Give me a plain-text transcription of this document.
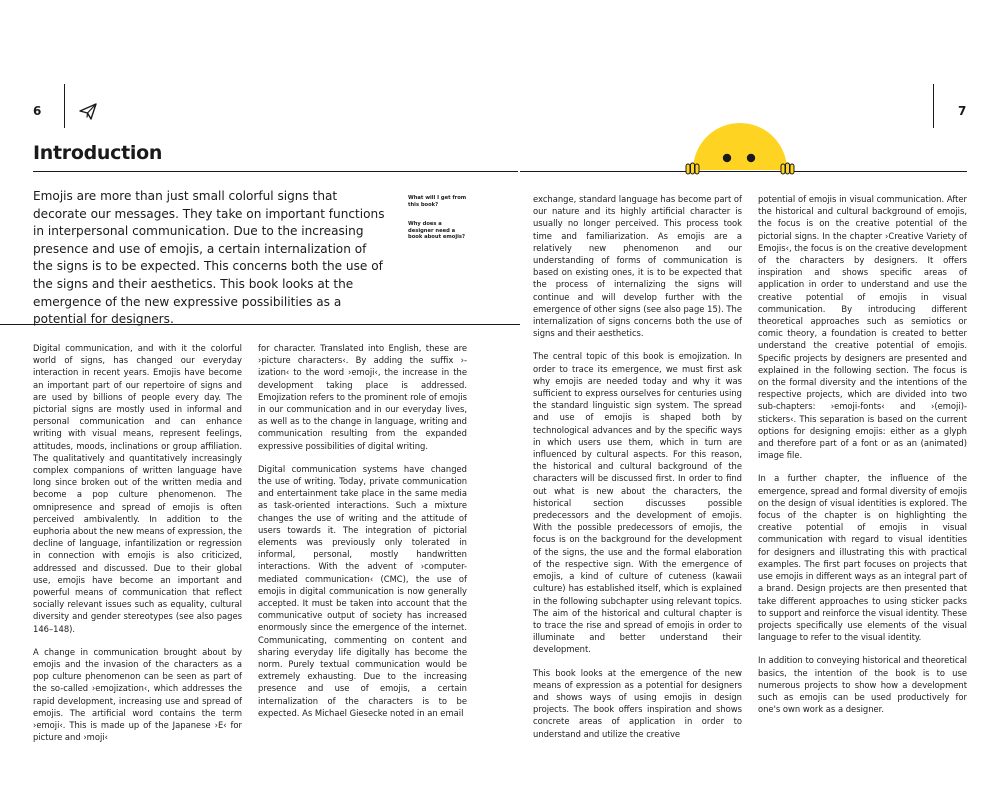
6	7
Introduction

Emojis are more than just small colorful signs that decorate our messages. They take on important functions in interpersonal communication. Due to the increasing presence and use of emojis, a certain internalization of the signs is to be expected. This concerns both the use of the signs and their aesthetics. This book looks at the emergence of the new expressive possibilities as a potential for designers.

What will I get from this book?

Why does a designer need a book about emojis?

Digital communication, and with it the colorful world of signs, has changed our everyday interaction in recent years. Emojis have become an important part of our repertoire of signs and are used by billions of people every day. The pictorial signs are mostly used in informal and personal communication and can enhance writing with visual means, represent feelings, attitudes, moods, inclinations or group affiliation. The qualitatively and quantitatively increasingly complex companions of written language have long since broken out of the written media and become a pop culture phenomenon. The omnipresence and spread of emojis is often perceived ambivalently. In addition to the euphoria about the new means of expression, the decline of language, infantilization or regression in connection with emojis is also criticized, addressed and discussed. Due to their global use, emojis have become an important and powerful means of communication that reflect socially relevant issues such as equality, cultural diversity and gender stereotypes (see also pages 146–148).

A change in communication brought about by emojis and the invasion of the characters as a pop culture phenomenon can be seen as part of the so-called ›emojization‹, which addresses the rapid development, increasing use and spread of emojis. The artificial word contains the term ›emoji‹. This is made up of the Japanese ›E‹ for picture and ›moji‹

for character. Translated into English, these are ›picture characters‹. By adding the suffix ›-ization‹ to the word ›emoji‹, the increase in the development taking place is addressed. Emojization refers to the prominent role of emojis in our communication and in our everyday lives, as well as to the change in language, writing and communication resulting from the expanded expressive possibilities of digital writing.

Digital communication systems have changed the use of writing. Today, private communication and entertainment take place in the same media as task-oriented interactions. Such a mixture changes the use of writing and the attitude of users towards it. The integration of pictorial elements was previously only tolerated in informal, personal, mostly handwritten interactions. With the advent of ›computer-mediated communication‹ (CMC), the use of emojis in digital communication is now generally accepted. It must be taken into account that the communicative output of society has increased enormously since the emergence of the internet. Communicating, commenting on content and sharing everyday life digitally has become the norm. Purely textual communication would be extremely exhausting. Due to the increasing presence and use of emojis, a certain internalization of the characters is to be expected. As Michael Giesecke noted in an email

exchange, standard language has become part of our nature and its highly artificial character is usually no longer perceived. This process took time and familiarization. As emojis are a relatively new phenomenon and our understanding of forms of communication is based on existing ones, it is to be expected that the process of internalizing the signs will continue and will develop further with the emergence of other signs (see also page 15). The internalization of signs concerns both the use of signs and their aesthetics.

The central topic of this book is emojization. In order to trace its emergence, we must first ask why emojis are needed today and why it was sufficient to express ourselves for centuries using the standard linguistic sign system. The spread and use of emojis is shaped both by technological advances and by the specific ways in which users use them, which in turn are influenced by cultural aspects. For this reason, the historical and cultural background of the characters will be discussed first. In order to find out what is new about the characters, the historical section discusses possible predecessors and the development of emojis. With the possible predecessors of emojis, the focus is on the background for the development of the signs, the use and the formal elaboration of the respective sign. With the emergence of emojis, a kind of culture of cuteness (kawaii culture) has established itself, which is explained in the following subchapter using relevant topics. The aim of the historical and cultural chapter is to trace the rise and spread of emojis in order to illuminate and better understand their development.

This book looks at the emergence of the new means of expression as a potential for designers and shows ways of using emojis in design projects. The book offers inspiration and shows concrete areas of application in order to understand and utilize the creative

potential of emojis in visual communication. After the historical and cultural background of emojis, the focus is on the creative potential of the pictorial signs. In the chapter ›Creative Variety of Emojis‹, the focus is on the creative development of the characters by designers. It offers inspiration and shows specific areas of application in order to understand and use the creative potential of emojis in visual communication. By introducing different theoretical approaches such as semiotics or comic theory, a foundation is created to better understand the creative potential of emojis. Specific projects by designers are presented and explained in the following section. The focus is on the formal diversity and the intentions of the respective projects, which are divided into two sub-chapters: ›emoji-fonts‹ and ›(emoji)-stickers‹. This separation is based on the current options for designing emojis: either as a glyph and therefore part of a font or as an (animated) image file.

In a further chapter, the influence of the emergence, spread and formal diversity of emojis on the design of visual identities is explored. The focus of the chapter is on highlighting the creative potential of emojis in visual communication with regard to visual identities for designers and illustrating this with practical examples. The first part focuses on projects that use emojis in different ways as an integral part of a brand. Design projects are then presented that take different approaches to using sticker packs to support and reinforce the visual identity. These projects specifically use elements of the visual language to refer to the visual identity.

In addition to conveying historical and theoretical basics, the intention of the book is to use numerous projects to show how a development such as emojis can be used productively for one's own work as a designer.
